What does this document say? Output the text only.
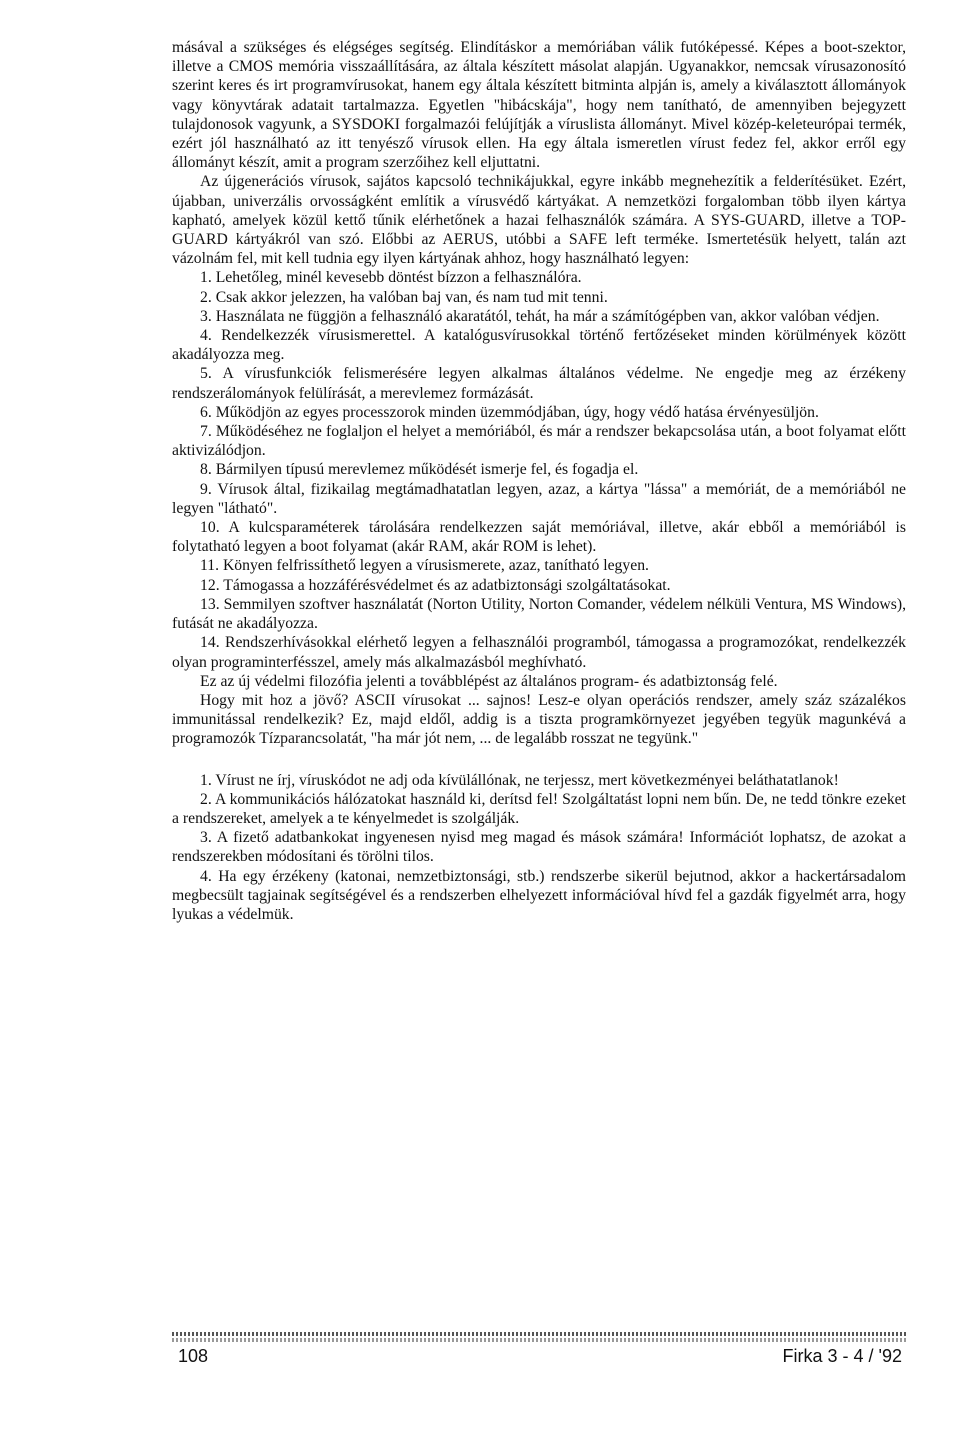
másával a szükséges és elégséges segítség. Elindításkor a memóriában válik futóképessé. Képes a boot-szektor, illetve a CMOS memória visszaállítására, az általa készített másolat alapján. Ugyanakkor, nemcsak vírusazonosító szerint keres és irt programvírusokat, hanem egy általa készített bitminta alpján is, amely a kiválasztott állományok vagy könyvtárak adatait tartalmazza. Egyetlen "hibácskája", hogy nem tanítható, de amennyiben bejegyzett tulajdonosok vagyunk, a SYSDOKI forgalmazói felújítják a víruslista állományt. Mivel közép-keleteurópai termék, ezért jól használható az itt tenyésző vírusok ellen. Ha egy általa ismeretlen vírust fedez fel, akkor erről egy állományt készít, amit a program szerzőihez kell eljuttatni.

Az újgenerációs vírusok, sajátos kapcsoló technikájukkal, egyre inkább megnehezítik a felderítésüket. Ezért, újabban, univerzális orvosságként említik a vírusvédő kártyákat. A nemzetközi forgalomban több ilyen kártya kapható, amelyek közül kettő tűnik elérhetőnek a hazai felhasználók számára. A SYS-GUARD, illetve a TOP-GUARD kártyákról van szó. Előbbi az AERUS, utóbbi a SAFE left terméke. Ismertetésük helyett, talán azt vázolnám fel, mit kell tudnia egy ilyen kártyának ahhoz, hogy használható legyen:

1. Lehetőleg, minél kevesebb döntést bízzon a felhasználóra.

2. Csak akkor jelezzen, ha valóban baj van, és nam tud mit tenni.

3. Használata ne függjön a felhasználó akaratától, tehát, ha már a számítógépben van, akkor valóban védjen.

4. Rendelkezzék vírusismerettel. A katalógusvírusokkal történő fertőzéseket minden körülmények között akadályozza meg.

5. A vírusfunkciók felismerésére legyen alkalmas általános védelme. Ne engedje meg az érzékeny rendszerálományok felülírását, a merevlemez formázását.

6. Működjön az egyes processzorok minden üzemmódjában, úgy, hogy védő hatása érvényesüljön.

7. Működéséhez ne foglaljon el helyet a memóriából, és már a rendszer bekapcsolása után, a boot folyamat előtt aktivizálódjon.

8. Bármilyen típusú merevlemez működését ismerje fel, és fogadja el.

9. Vírusok által, fizikailag megtámadhatatlan legyen, azaz, a kártya "lássa" a memóriát, de a memóriából ne legyen "látható".

10. A kulcsparaméterek tárolására rendelkezzen saját memóriával, illetve, akár ebből a memóriából is folytatható legyen a boot folyamat (akár RAM, akár ROM is lehet).

11. Könyen felfrissíthető legyen a vírusismerete, azaz, tanítható legyen.

12. Támogassa a hozzáférésvédelmet és az adatbiztonsági szolgáltatásokat.

13. Semmilyen szoftver használatát (Norton Utility, Norton Comander, védelem nélküli Ventura, MS Windows), futását ne akadályozza.

14. Rendszerhívásokkal elérhető legyen a felhasználói programból, támogassa a programozókat, rendelkezzék olyan programinterfésszel, amely más alkalmazásból meghívható.

Ez az új védelmi filozófia jelenti a továbblépést az általános program- és adatbiztonság felé.

Hogy mit hoz a jövő? ASCII vírusokat ... sajnos! Lesz-e olyan operációs rendszer, amely száz százalékos immunitással rendelkezik? Ez, majd eldől, addig is a tiszta programkörnyezet jegyében tegyük magunkévá a programozók Tízparancsolatát, "ha már jót nem, ... de legalább rosszat ne tegyünk."

1. Vírust ne írj, víruskódot ne adj oda kívülállónak, ne terjessz, mert következményei beláthatatlanok!

2. A kommunikációs hálózatokat használd ki, derítsd fel! Szolgáltatást lopni nem bűn. De, ne tedd tönkre ezeket a rendszereket, amelyek a te kényelmedet is szolgálják.

3. A fizető adatbankokat ingyenesen nyisd meg magad és mások számára! Információt lophatsz, de azokat a rendszerekben módosítani és törölni tilos.

4. Ha egy érzékeny (katonai, nemzetbiztonsági, stb.) rendszerbe sikerül bejutnod, akkor a hackertársadalom megbecsült tagjainak segítségével és a rendszerben elhelyezett információval hívd fel a gazdák figyelmét arra, hogy lyukas a védelmük.

108	Firka 3 - 4 / '92
